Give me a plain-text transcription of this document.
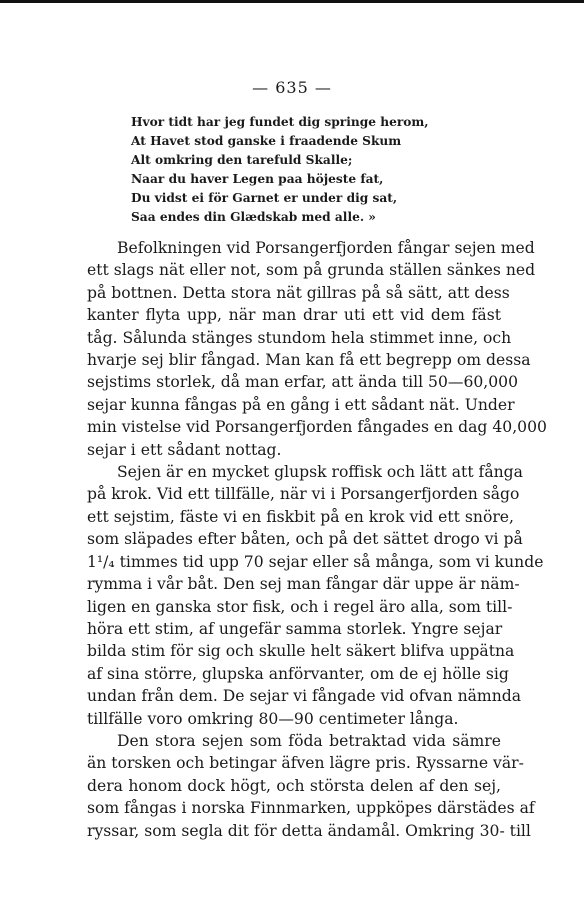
— 635 —
Hvor tidt har jeg fundet dig springe herom,
At Havet stod ganske i fraadende Skum
Alt omkring den tarefuld Skalle;
Naar du haver Legen paa höjeste fat,
Du vidst ei för Garnet er under dig sat,
Saa endes din Glædskab med alle. »
Befolkningen vid Porsangerfjorden fångar sejen med
ett slags nät eller not, som på grunda ställen sänkes ned
på bottnen. Detta stora nät gillras på så sätt, att dess
kanter flyta upp, när man drar uti ett vid dem fäst
tåg. Sålunda stänges stundom hela stimmet inne, och
hvarje sej blir fångad. Man kan få ett begrepp om dessa
sejstims storlek, då man erfar, att ända till 50—60,000
sejar kunna fångas på en gång i ett sådant nät. Under
min vistelse vid Porsangerfjorden fångades en dag 40,000
sejar i ett sådant nottag.
Sejen är en mycket glupsk roffisk och lätt att fånga
på krok. Vid ett tillfälle, när vi i Porsangerfjorden sågo
ett sejstim, fäste vi en fiskbit på en krok vid ett snöre,
som släpades efter båten, och på det sättet drogo vi på
1¹/₄ timmes tid upp 70 sejar eller så många, som vi kunde
rymma i vår båt. Den sej man fångar där uppe är näm-
ligen en ganska stor fisk, och i regel äro alla, som till-
höra ett stim, af ungefär samma storlek. Yngre sejar
bilda stim för sig och skulle helt säkert blifva uppätna
af sina större, glupska anförvanter, om de ej hölle sig
undan från dem. De sejar vi fångade vid ofvan nämnda
tillfälle voro omkring 80—90 centimeter långa.
Den stora sejen som föda betraktad vida sämre
än torsken och betingar äfven lägre pris. Ryssarne vär-
dera honom dock högt, och största delen af den sej,
som fångas i norska Finnmarken, uppköpes därstädes af
ryssar, som segla dit för detta ändamål. Omkring 30- till
